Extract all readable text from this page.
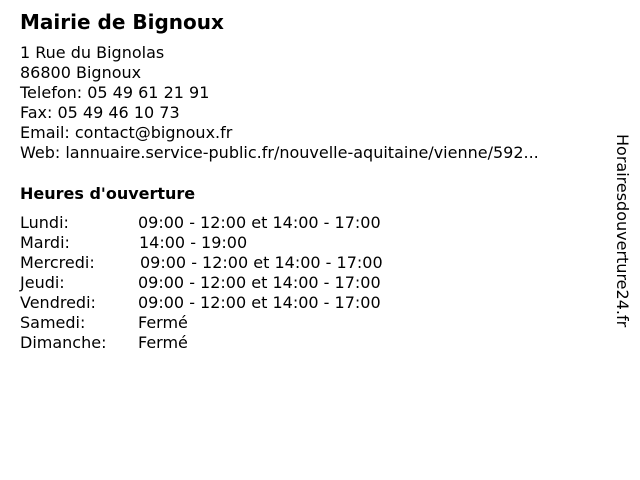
Mairie de Bignoux
1 Rue du Bignolas
86800 Bignoux
Telefon: 05 49 61 21 91
Fax: 05 49 46 10 73
Email: contact@bignoux.fr
Web: lannuaire.service-public.fr/nouvelle-aquitaine/vienne/592...
Heures d'ouverture
Lundi:	09:00 - 12:00 et 14:00 - 17:00
Mardi:	14:00 - 19:00
Mercredi:	09:00 - 12:00 et 14:00 - 17:00
Jeudi:	09:00 - 12:00 et 14:00 - 17:00
Vendredi:	09:00 - 12:00 et 14:00 - 17:00
Samedi:	Fermé
Dimanche: Fermé
Horairesdouverture24.fr
